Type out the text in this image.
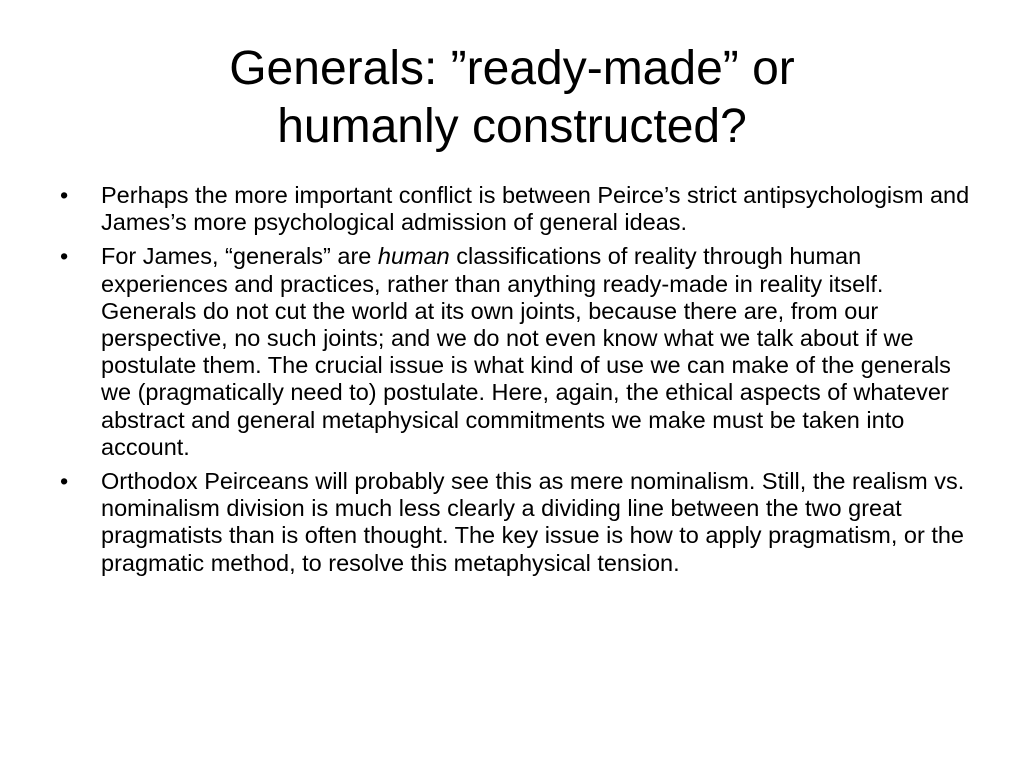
Generals: ”ready-made” or
humanly constructed?
• Perhaps the more important conflict is between Peirce’s strict antipsychologism and James’s more psychological admission of general ideas.
• For James, “generals” are human classifications of reality through human experiences and practices, rather than anything ready-made in reality itself. Generals do not cut the world at its own joints, because there are, from our perspective, no such joints; and we do not even know what we talk about if we postulate them. The crucial issue is what kind of use we can make of the generals we (pragmatically need to) postulate. Here, again, the ethical aspects of whatever abstract and general metaphysical commitments we make must be taken into account.
• Orthodox Peirceans will probably see this as mere nominalism. Still, the realism vs. nominalism division is much less clearly a dividing line between the two great pragmatists than is often thought. The key issue is how to apply pragmatism, or the pragmatic method, to resolve this metaphysical tension.
